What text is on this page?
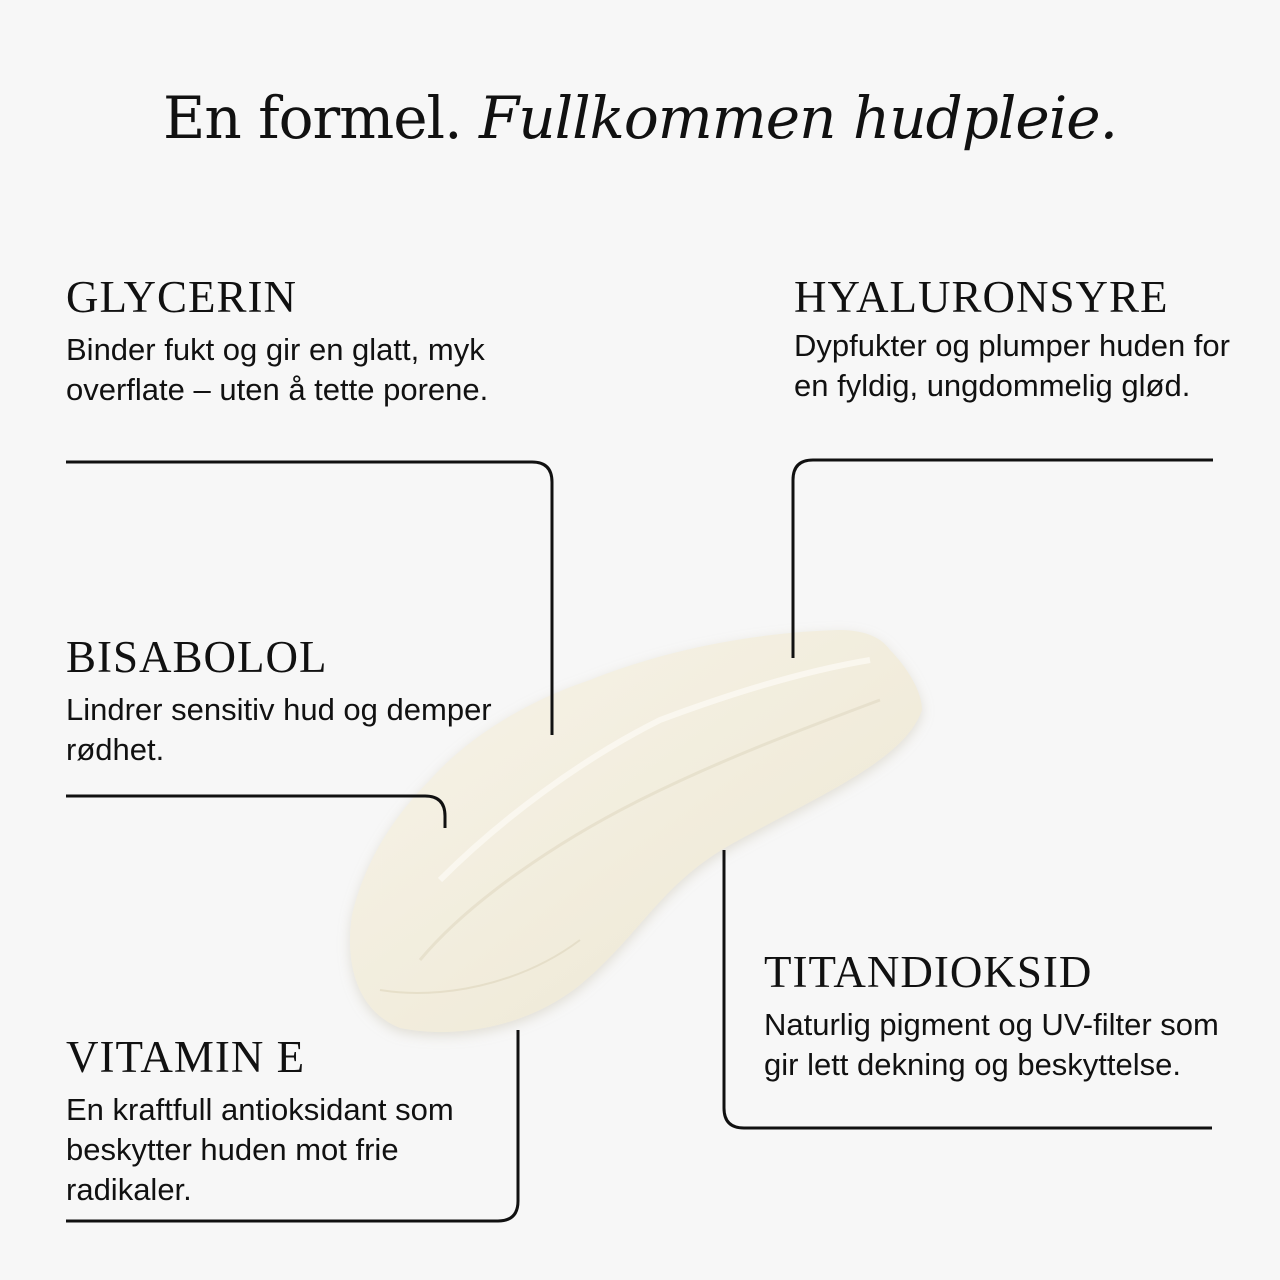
En formel. Fullkommen hudpleie.
GLYCERIN

Binder fukt og gir en glatt, myk overflate – uten å tette porene.

HYALURONSYRE

Dypfukter og plumper huden for en fyldig, ungdommelig glød.

BISABOLOL

Lindrer sensitiv hud og demper rødhet.

VITAMIN E

En kraftfull antioksidant som beskytter huden mot frie radikaler.

TITANDIOKSID

Naturlig pigment og UV-filter som gir lett dekning og beskyttelse.
